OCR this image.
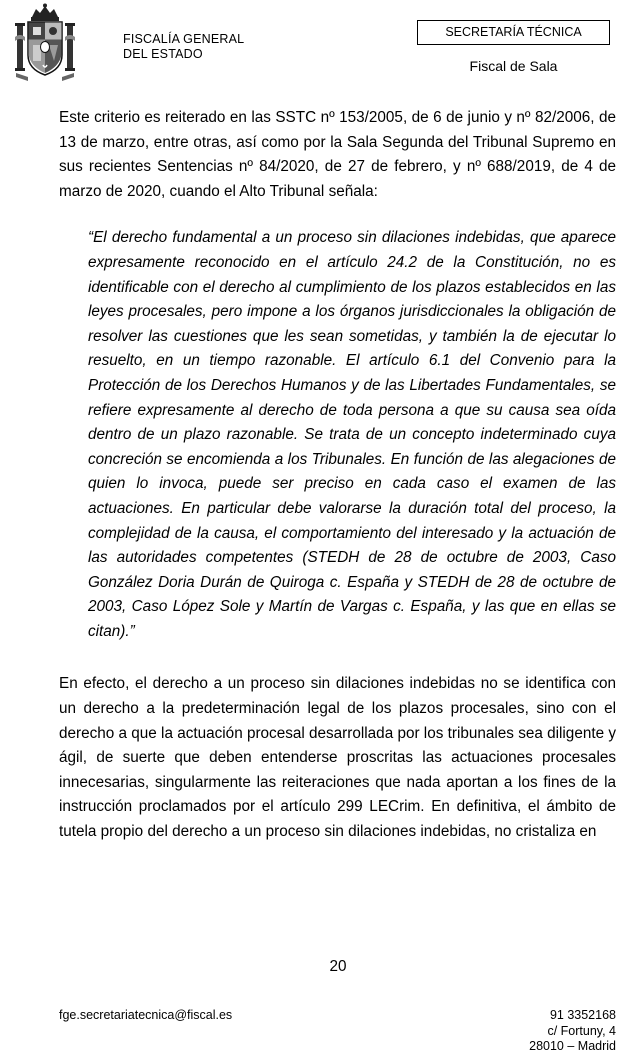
FISCALÍA GENERAL
DEL ESTADO
SECRETARÍA TÉCNICA
Fiscal de Sala

Este criterio es reiterado en las SSTC nº 153/2005, de 6 de junio y nº 82/2006, de 13 de marzo, entre otras, así como por la Sala Segunda del Tribunal Supremo en sus recientes Sentencias nº 84/2020, de 27 de febrero, y nº 688/2019, de 4 de marzo de 2020, cuando el Alto Tribunal señala:

“El derecho fundamental a un proceso sin dilaciones indebidas, que aparece expresamente reconocido en el artículo 24.2 de la Constitución, no es identificable con el derecho al cumplimiento de los plazos establecidos en las leyes procesales, pero impone a los órganos jurisdiccionales la obligación de resolver las cuestiones que les sean sometidas, y también la de ejecutar lo resuelto, en un tiempo razonable. El artículo 6.1 del Convenio para la Protección de los Derechos Humanos y de las Libertades Fundamentales, se refiere expresamente al derecho de toda persona a que su causa sea oída dentro de un plazo razonable. Se trata de un concepto indeterminado cuya concreción se encomienda a los Tribunales. En función de las alegaciones de quien lo invoca, puede ser preciso en cada caso el examen de las actuaciones. En particular debe valorarse la duración total del proceso, la complejidad de la causa, el comportamiento del interesado y la actuación de las autoridades competentes (STEDH de 28 de octubre de 2003, Caso González Doria Durán de Quiroga c. España y STEDH de 28 de octubre de 2003, Caso López Sole y Martín de Vargas c. España, y las que en ellas se citan).”

En efecto, el derecho a un proceso sin dilaciones indebidas no se identifica con un derecho a la predeterminación legal de los plazos procesales, sino con el derecho a que la actuación procesal desarrollada por los tribunales sea diligente y ágil, de suerte que deben entenderse proscritas las actuaciones procesales innecesarias, singularmente las reiteraciones que nada aportan a los fines de la instrucción proclamados por el artículo 299 LECrim. En definitiva, el ámbito de tutela propio del derecho a un proceso sin dilaciones indebidas, no cristaliza en

20
fge.secretariatecnica@fiscal.es	91 3352168
c/ Fortuny, 4
28010 – Madrid
